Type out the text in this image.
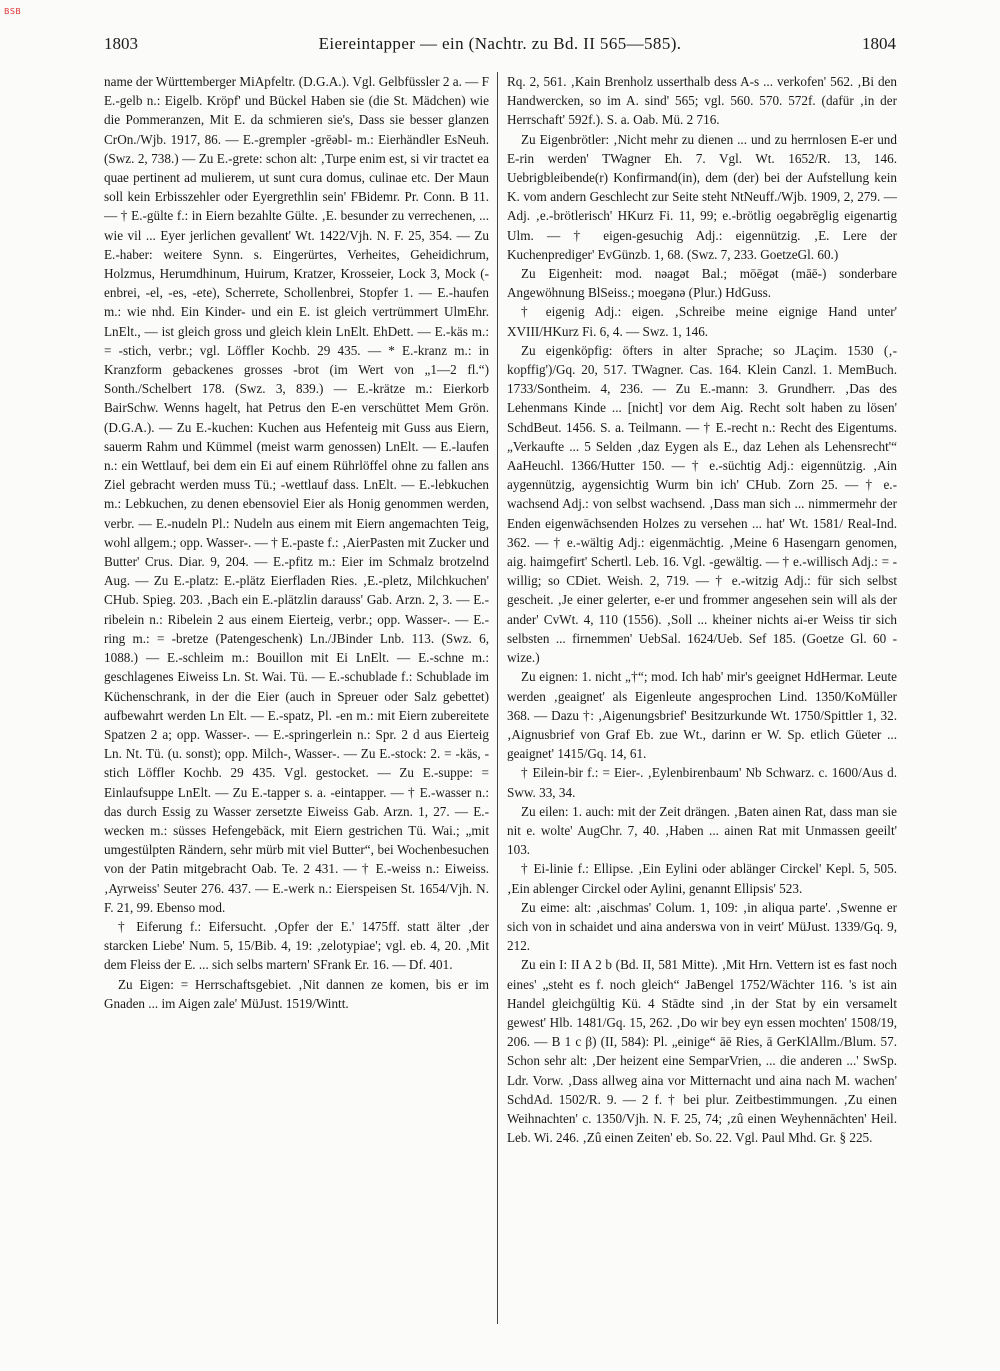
BSB
1803	Eiereintapper — ein (Nachtr. zu Bd. II 565—585).	1804

name der Württemberger MiApfeltr. (D.G.A.). Vgl. Gelbfüssler 2 a. — F E.-gelb n.: Eigelb. Kröpf' und Bückel Haben sie (die St. Mädchen) wie die Pommeranzen, Mit E. da schmieren sie's, Dass sie besser glanzen CrOn./Wjb. 1917, 86. — E.-grempler -grēəbl- m.: Eierhändler EsNeuh. (Swz. 2, 738.) — Zu E.-grete: schon alt: ‚Turpe enim est, si vir tractet ea quae pertinent ad mulierem, ut sunt cura domus, culinae etc. Der Maun soll kein Erbisszehler oder Eyergrethlin sein' FBidemr. Pr. Conn. B 11. — † E.-gülte f.: in Eiern bezahlte Gülte. ‚E. besunder zu verrechenen, ... wie vil ... Eyer jerlichen gevallent' Wt. 1422/Vjh. N. F. 25, 354. — Zu E.-haber: weitere Synn. s. Eingerürtes, Verheites, Geheidichrum, Holzmus, Herumdhinum, Huirum, Kratzer, Krosseier, Lock 3, Mock (-enbrei, -el, -es, -ete), Scherrete, Schollenbrei, Stopfer 1. — E.-haufen m.: wie nhd. Ein Kinder- und ein E. ist gleich vertrümmert UlmEhr. LnElt., — ist gleich gross und gleich klein LnElt. EhDett. — E.-käs m.: = -stich, verbr.; vgl. Löffler Kochb. 29 435. — * E.-kranz m.: in Kranzform gebackenes grosses -brot (im Wert von „1—2 fl.“) Sonth./Schelbert 178. (Swz. 3, 839.) — E.-krätze m.: Eierkorb BairSchw. Wenns hagelt, hat Petrus den E-en verschüttet Mem Grön. (D.G.A.). — Zu E.-kuchen: Kuchen aus Hefenteig mit Guss aus Eiern, sauerm Rahm und Kümmel (meist warm genossen) LnElt. — E.-laufen n.: ein Wettlauf, bei dem ein Ei auf einem Rührlöffel ohne zu fallen ans Ziel gebracht werden muss Tü.; -wettlauf dass. LnElt. — E.-lebkuchen m.: Lebkuchen, zu denen ebensoviel Eier als Honig genommen werden, verbr. — E.-nudeln Pl.: Nudeln aus einem mit Eiern angemachten Teig, wohl allgem.; opp. Wasser-. — † E.-paste f.: ‚AierPasten mit Zucker und Butter' Crus. Diar. 9, 204. — E.-pfitz m.: Eier im Schmalz brotzelnd Aug. — Zu E.-platz: E.-plätz Eierfladen Ries. ‚E.-pletz, Milchkuchen' CHub. Spieg. 203. ‚Bach ein E.-plätzlin darauss' Gab. Arzn. 2, 3. — E.-ribelein n.: Ribelein 2 aus einem Eierteig, verbr.; opp. Wasser-. — E.-ring m.: = -bretze (Patengeschenk) Ln./JBinder Lnb. 113. (Swz. 6, 1088.) — E.-schleim m.: Bouillon mit Ei LnElt. — E.-schne m.: geschlagenes Eiweiss Ln. St. Wai. Tü. — E.-schublade f.: Schublade im Küchenschrank, in der die Eier (auch in Spreuer oder Salz gebettet) aufbewahrt werden Ln Elt. — E.-spatz, Pl. -en m.: mit Eiern zubereitete Spatzen 2 a; opp. Wasser-. — E.-springerlein n.: Spr. 2 d aus Eierteig Ln. Nt. Tü. (u. sonst); opp. Milch-, Wasser-. — Zu E.-stock: 2. = -käs, -stich Löffler Kochb. 29 435. Vgl. gestocket. — Zu E.-suppe: = Einlaufsuppe LnElt. — Zu E.-tapper s. a. -eintapper. — † E.-wasser n.: das durch Essig zu Wasser zersetzte Eiweiss Gab. Arzn. 1, 27. — E.-wecken m.: süsses Hefengebäck, mit Eiern gestrichen Tü. Wai.; „mit umgestülpten Rändern, sehr mürb mit viel Butter“, bei Wochenbesuchen von der Patin mitgebracht Oab. Te. 2 431. — † E.-weiss n.: Eiweiss. ‚Ayrweiss' Seuter 276. 437. — E.-werk n.: Eierspeisen St. 1654/Vjh. N. F. 21, 99. Ebenso mod.

† Eiferung f.: Eifersucht. ‚Opfer der E.' 1475ff. statt älter ‚der starcken Liebe' Num. 5, 15/Bib. 4, 19: ‚zelotypiae'; vgl. eb. 4, 20. ‚Mit dem Fleiss der E. ... sich selbs martern' SFrank Er. 16. — Df. 401.

Zu Eigen: = Herrschaftsgebiet. ‚Nit dannen ze komen, bis er im Gnaden ... im Aigen zale' MüJust. 1519/Wintt.

Rq. 2, 561. ‚Kain Brenholz usserthalb dess A-s ... verkofen' 562. ‚Bi den Handwercken, so im A. sind' 565; vgl. 560. 570. 572f. (dafür ‚in der Herrschaft' 592f.). S. a. Oab. Mü. 2 716.

Zu Eigenbrötler: ‚Nicht mehr zu dienen ... und zu herrnlosen E-er und E-rin werden' TWagner Eh. 7. Vgl. Wt. 1652/R. 13, 146. Uebrigbleibende(r) Konfirmand(in), dem (der) bei der Aufstellung kein K. vom andern Geschlecht zur Seite steht NtNeuff./Wjb. 1909, 2, 279. — Adj. ‚e.-brötlerisch' HKurz Fi. 11, 99; e.-brötlig oegəbrēglig eigenartig Ulm. — † eigen-gesuchig Adj.: eigennützig. ‚E. Lere der Kuchenprediger' EvGünzb. 1, 68. (Swz. 7, 233. GoetzeGl. 60.)

Zu Eigenheit: mod. nəagət Bal.; mōēgət (māē-) sonderbare Angewöhnung BlSeiss.; moegənə (Plur.) HdGuss.

† eigenig Adj.: eigen. ‚Schreibe meine eignige Hand unter' XVIII/HKurz Fi. 6, 4. — Swz. 1, 146.

Zu eigenköpfig: öfters in alter Sprache; so JLaçim. 1530 (‚-kopffig')/Gq. 20, 517. TWagner. Cas. 164. Klein Canzl. 1. MemBuch. 1733/Sontheim. 4, 236. — Zu E.-mann: 3. Grundherr. ‚Das des Lehenmans Kinde ... [nicht] vor dem Aig. Recht solt haben zu lösen' SchdBeut. 1456. S. a. Teilmann. — † E.-recht n.: Recht des Eigentums. „Verkaufte ... 5 Selden ‚daz Eygen als E., daz Lehen als Lehensrecht'“ AaHeuchl. 1366/Hutter 150. — † e.-süchtig Adj.: eigennützig. ‚Ain aygennützig, aygensichtig Wurm bin ich' CHub. Zorn 25. — † e.-wachsend Adj.: von selbst wachsend. ‚Dass man sich ... nimmermehr der Enden eigenwāchsenden Holzes zu versehen ... hat' Wt. 1581/ Real-Ind. 362. — † e.-wältig Adj.: eigenmächtig. ‚Meine 6 Hasengarn genomen, aig. haimgefirt' Schertl. Leb. 16. Vgl. -gewältig. — † e.-willisch Adj.: = -willig; so CDiet. Weish. 2, 719. — † e.-witzig Adj.: für sich selbst gescheit. ‚Je einer gelerter, e-er und frommer angesehen sein will als der ander' CvWt. 4, 110 (1556). ‚Soll ... kheiner nichts ai-er Weiss tir sich selbsten ... firnemmen' UebSal. 1624/Ueb. Sef 185. (Goetze Gl. 60 -wize.)

Zu eignen: 1. nicht „†“; mod. Ich hab' mir's geeignet HdHermar. Leute werden ‚geaignet' als Eigenleute angesprochen Lind. 1350/KoMüller 368. — Dazu †: ‚Aigenungsbrief' Besitzurkunde Wt. 1750/Spittler 1, 32. ‚Aignusbrief von Graf Eb. zue Wt., darinn er W. Sp. etlich Güeter ... geaignet' 1415/Gq. 14, 61.

† Eilein-bir f.: = Eier-. ‚Eylenbirenbaum' Nb Schwarz. c. 1600/Aus d. Sww. 33, 34.

Zu eilen: 1. auch: mit der Zeit drängen. ‚Baten ainen Rat, dass man sie nit e. wolte' AugChr. 7, 40. ‚Haben ... ainen Rat mit Unmassen geeilt' 103.

† Ei-linie f.: Ellipse. ‚Ein Eylini oder ablänger Circkel' Kepl. 5, 505. ‚Ein ablenger Circkel oder Aylini, genannt Ellipsis' 523.

Zu eime: alt: ‚aischmas' Colum. 1, 109: ‚in aliqua parte'. ‚Swenne er sich von in schaidet und aina anderswa von in veirt' MüJust. 1339/Gq. 9, 212.

Zu ein I: II A 2 b (Bd. II, 581 Mitte). ‚Mit Hrn. Vettern ist es fast noch eines' „steht es f. noch gleich“ JaBengel 1752/Wächter 116. 's ist ain Handel gleichgültig Kü. 4 Stādte sind ‚in der Stat by ein versamelt gewest' Hlb. 1481/Gq. 15, 262. ‚Do wir bey eyn essen mochten' 1508/19, 206. — B 1 c β) (II, 584): Pl. „einige“ āē Ries, ā GerKlAllm./Blum. 57. Schon sehr alt: ‚Der heizent eine SemparVrien, ... die anderen ...' SwSp. Ldr. Vorw. ‚Dass allweg aina vor Mitternacht und aina nach M. wachen' SchdAd. 1502/R. 9. — 2 f. † bei plur. Zeitbestimmungen. ‚Zu einen Weihnachten' c. 1350/Vjh. N. F. 25, 74; ‚zû einen Weyhennāchten' Heil. Leb. Wi. 246. ‚Zû einen Zeiten' eb. So. 22. Vgl. Paul Mhd. Gr. § 225.
